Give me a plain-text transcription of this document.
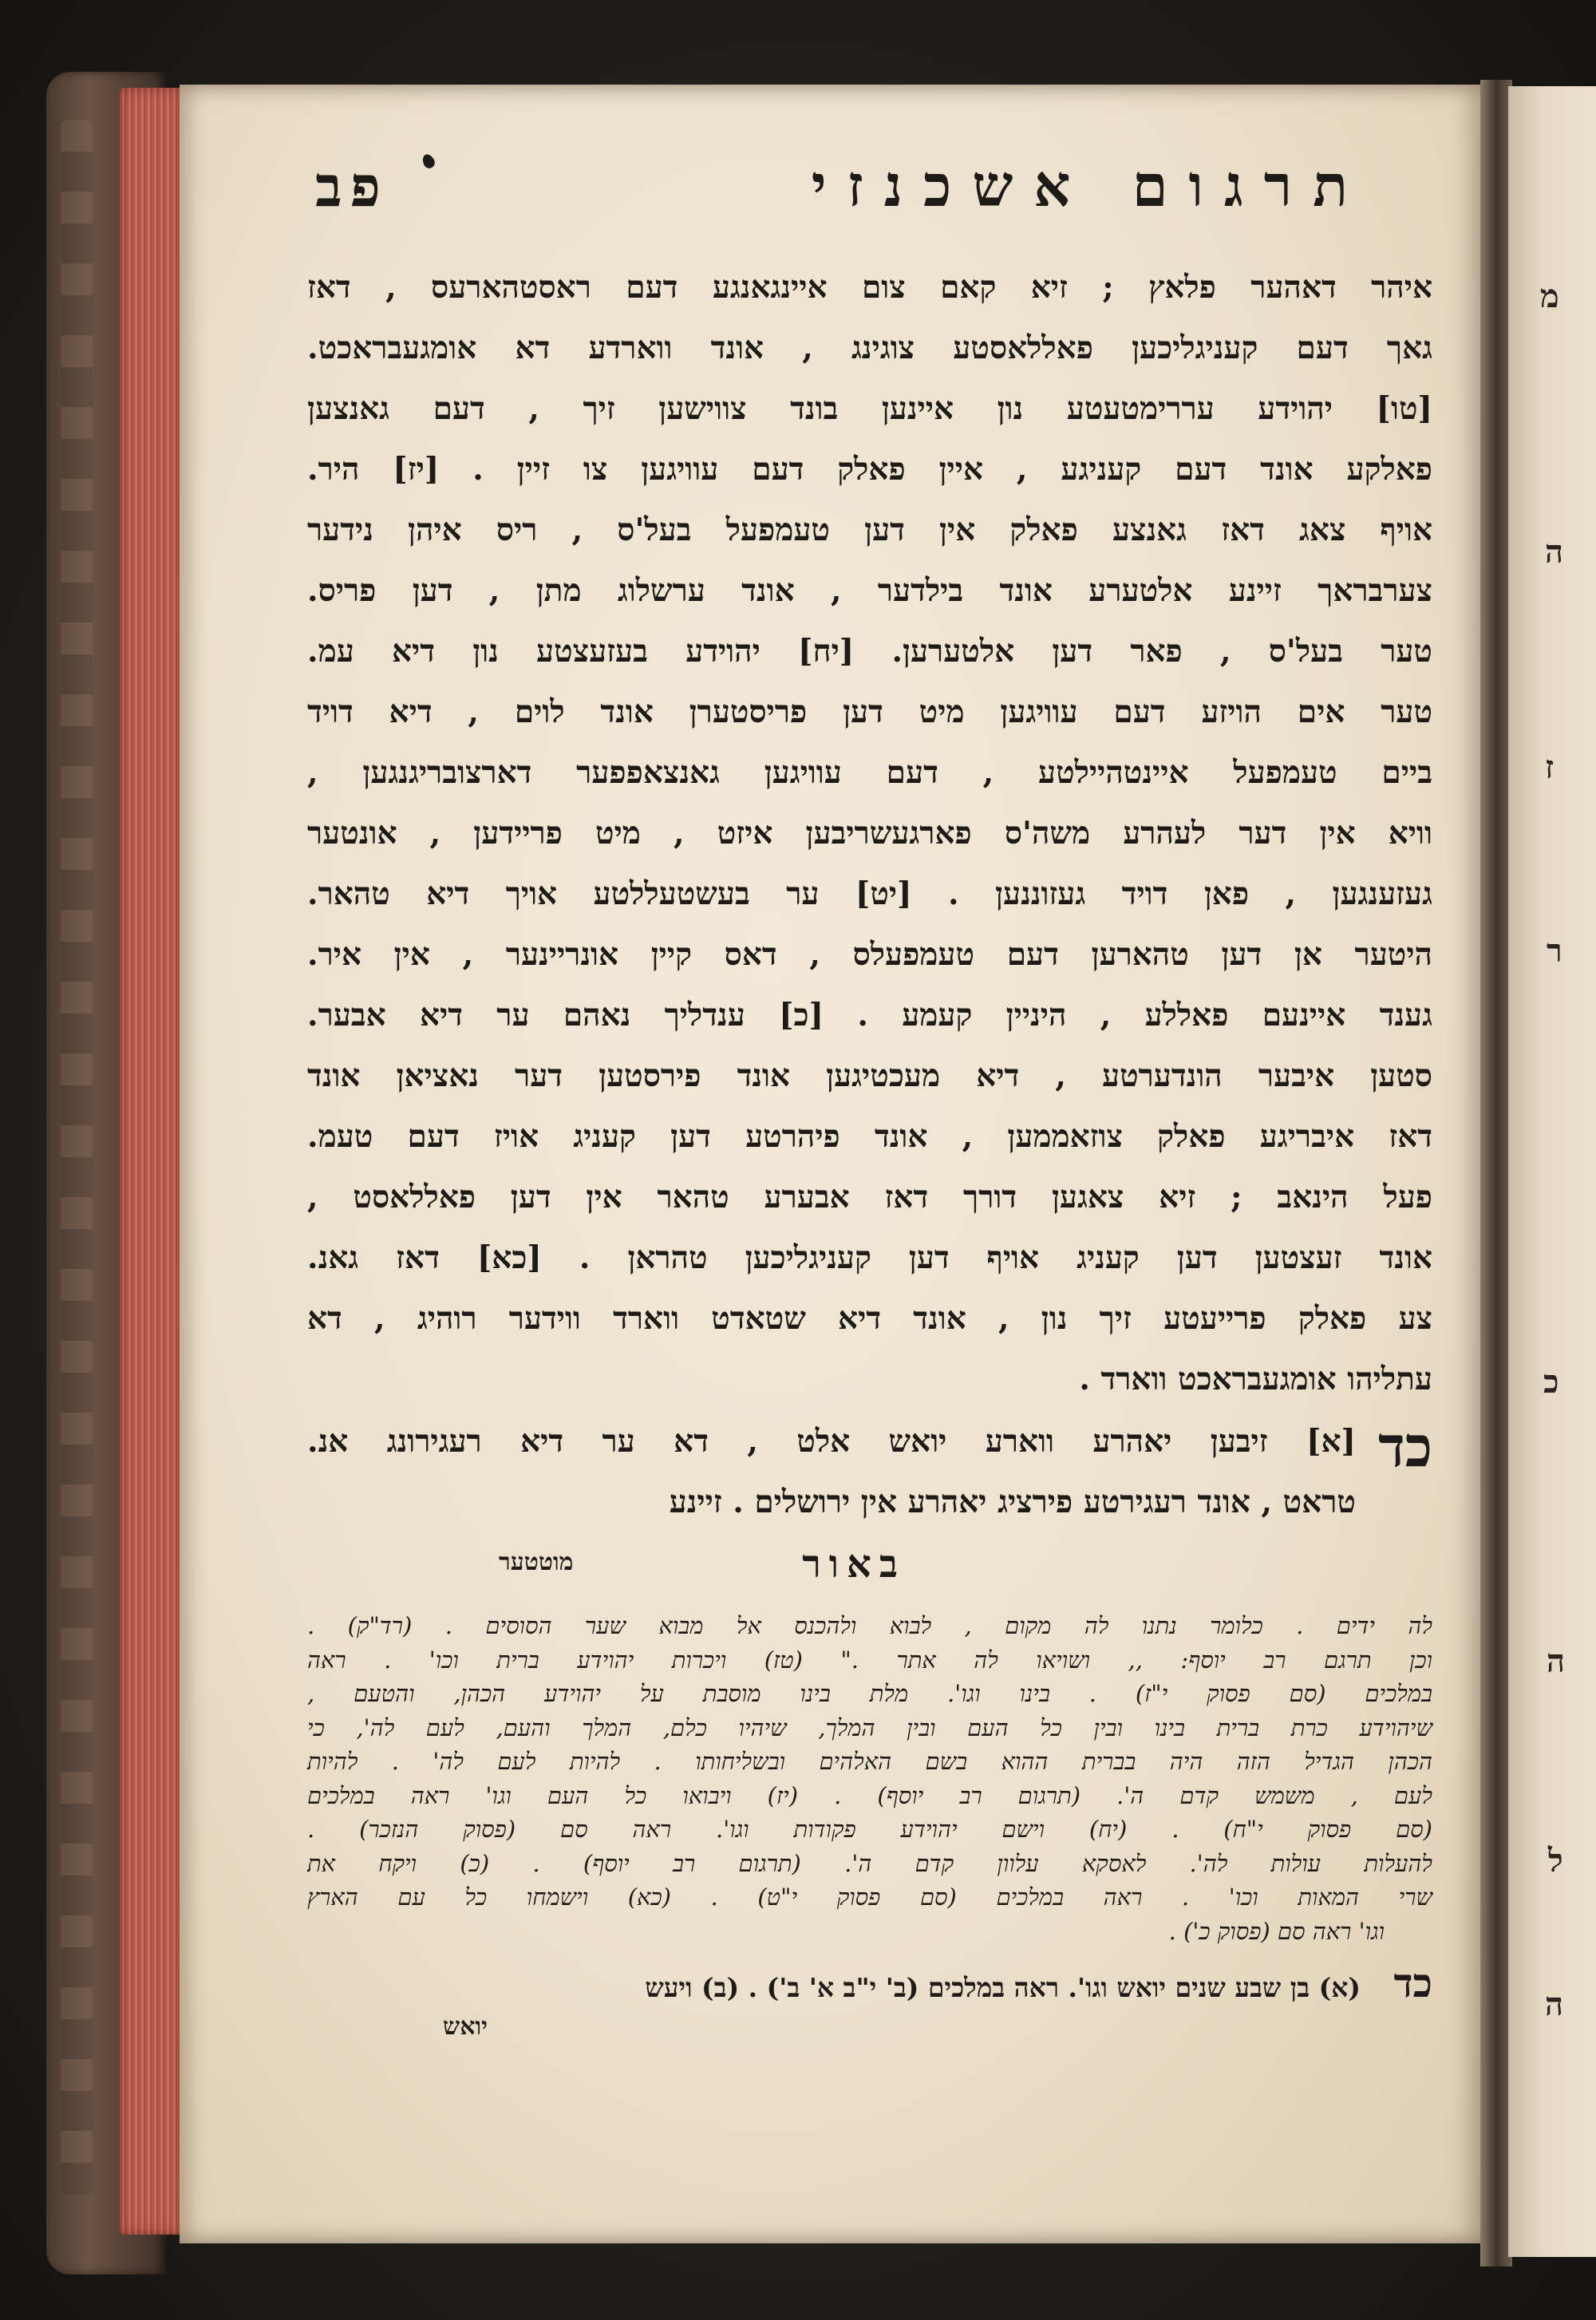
מ
ה
ז
ר
כ
ה
ל
ה
תרגום אשכנזי
פב
איהר דאהער פלאץ ; זיא קאם צום איינגאנגע דעם ראסטהארעס , דאז
גאך דעם קעניגליכען פאללאסטע צוגינג , אונד ווארדע דא אומגעבראכט.
[טו] יהוידע עררימטעטע נון איינען בונד צווישען זיך , דעם גאנצען
פאלקע אונד דעם קעניגע , איין פאלק דעם עוויגען צו זיין . [יז] היר.
אויף צאג דאז גאנצע פאלק אין דען טעמפעל בעל'ס , ריס איהן נידער
צערבראך זיינע אלטערע אונד בילדער , אונד ערשלוג מתן , דען פריס.
טער בעל'ס , פאר דען אלטערען. [יח] יהוידע בעזעצטע נון דיא עמ.
טער אים הויזע דעם עוויגען מיט דען פריסטערן אונד לוים , דיא דויד
ביים טעמפעל איינטהיילטע , דעם עוויגען גאנצאפפער דארצובריגנגען ,
וויא אין דער לעהרע משה'ס פארגעשריבען איזט , מיט פריידען , אונטער
געזענגען , פאן דויד געזוננען . [יט] ער בעשטעללטע אויך דיא טהאר.
היטער אן דען טהארען דעם טעמפעלס , דאס קיין אונריינער , אין איר.
גענד איינעם פאללע , היניין קעמע . [כ] ענדליך נאהם ער דיא אבער.
סטען איבער הונדערטע , דיא מעכטיגען אונד פירסטען דער נאציאן אונד
דאז איבריגע פאלק צוזאממען , אונד פיהרטע דען קעניג אויז דעם טעמ.
פעל הינאב ; זיא צאגען דורך דאז אבערע טהאר אין דען פאללאסט ,
אונד זעצטען דען קעניג אויף דען קעניגליכען טהראן . [כא] דאז גאנ.
צע פאלק פרייעטע זיך נון , אונד דיא שטאדט ווארד ווידער רוהיג , דא
עתליהו אומגעבראכט ווארד .
כד
[א] זיבען יאהרע ווארע יואש אלט , דא ער דיא רעגירונג אנ.
טראט , אונד רעגירטע פירציג יאהרע אין ירושלים . זיינע
באור
מוטטער
לה ידים . כלומר נתנו לה מקום , לבוא ולהכנס אל מבוא שער הסוסים . (רד"ק) .
וכן תרגם רב יוסף: ,, ושויאו לה אתר ." (טז) ויכרות יהוידע ברית וכו' . ראה
במלכים (סם פסוק י"ז) . בינו וגו'. מלת בינו מוסבת על יהוידע הכהן, והטעם ,
שיהוידע כרת ברית בינו ובין כל העם ובין המלך, שיהיו כלם, המלך והעם, לעם לה', כי
הכהן הגדיל הזה היה בברית ההוא בשם האלהים ובשליחותו . להיות לעם לה' . להיות
לעם , משמש קדם ה'. (תרגום רב יוסף) . (יז) ויבואו כל העם וגו' ראה במלכים
(סם פסוק י"ח) . (יח) וישם יהוידע פקודות וגו'. ראה סם (פסוק הנזכר) .
להעלות עולות לה'. לאסקא עלוון קדם ה'. (תרגום רב יוסף) . (כ) ויקח את
שרי המאות וכו' . ראה במלכים (סם פסוק י"ט) . (כא) וישמחו כל עם הארץ
וגו' ראה סם (פסוק כ') .
כד
(א) בן שבע שנים יואש וגו'. ראה במלכים (ב' י"ב א' ב') . (ב) ויעש
יואש
